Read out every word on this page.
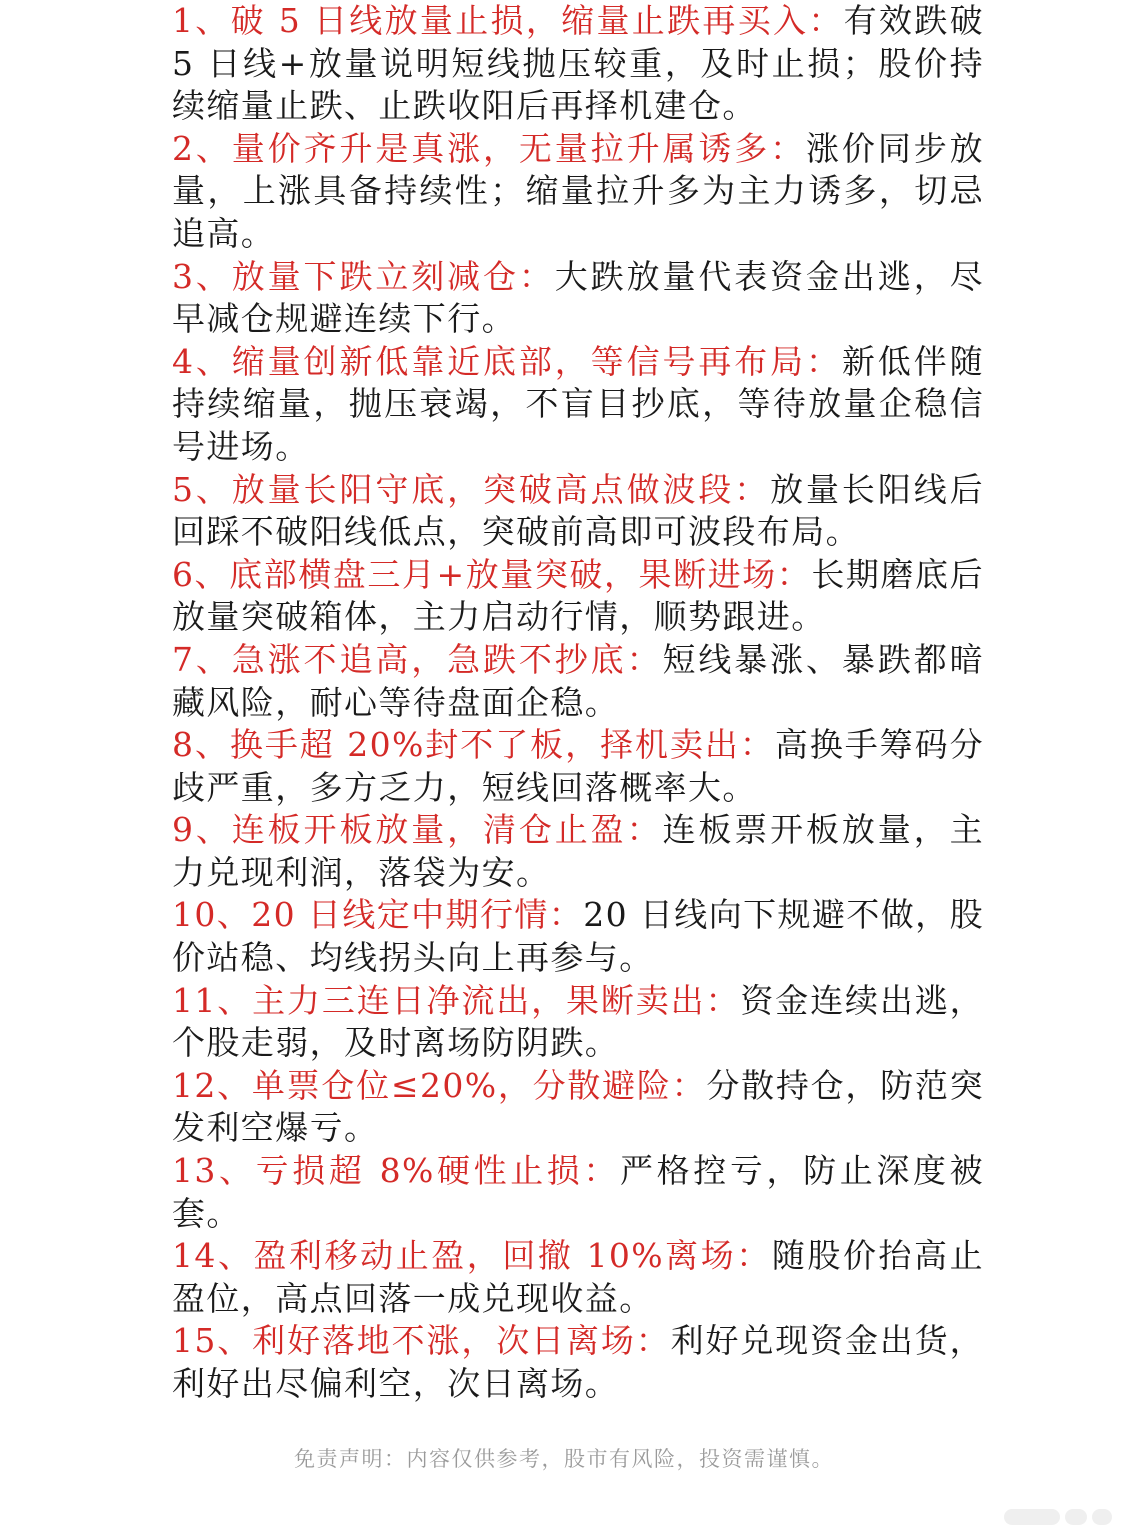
1、破 5 日线放量止损，缩量止跌再买入：有效跌破 5 日线+放量说明短线抛压较重，及时止损；股价持续缩量止跌、止跌收阳后再择机建仓。

2、量价齐升是真涨，无量拉升属诱多：涨价同步放量，上涨具备持续性；缩量拉升多为主力诱多，切忌追高。

3、放量下跌立刻减仓：大跌放量代表资金出逃，尽早减仓规避连续下行。

4、缩量创新低靠近底部，等信号再布局：新低伴随持续缩量，抛压衰竭，不盲目抄底，等待放量企稳信号进场。

5、放量长阳守底，突破高点做波段：放量长阳线后回踩不破阳线低点，突破前高即可波段布局。

6、底部横盘三月+放量突破，果断进场：长期磨底后放量突破箱体，主力启动行情，顺势跟进。

7、急涨不追高，急跌不抄底：短线暴涨、暴跌都暗藏风险，耐心等待盘面企稳。

8、换手超 20%封不了板，择机卖出：高换手筹码分歧严重，多方乏力，短线回落概率大。

9、连板开板放量，清仓止盈：连板票开板放量，主力兑现利润，落袋为安。

10、20 日线定中期行情：20 日线向下规避不做，股价站稳、均线拐头向上再参与。

11、主力三连日净流出，果断卖出：资金连续出逃，个股走弱，及时离场防阴跌。

12、单票仓位≤20%，分散避险：分散持仓，防范突发利空爆亏。

13、亏损超 8%硬性止损：严格控亏，防止深度被套。

14、盈利移动止盈，回撤 10%离场：随股价抬高止盈位，高点回落一成兑现收益。

15、利好落地不涨，次日离场：利好兑现资金出货，利好出尽偏利空，次日离场。

免责声明：内容仅供参考，股市有风险，投资需谨慎。
